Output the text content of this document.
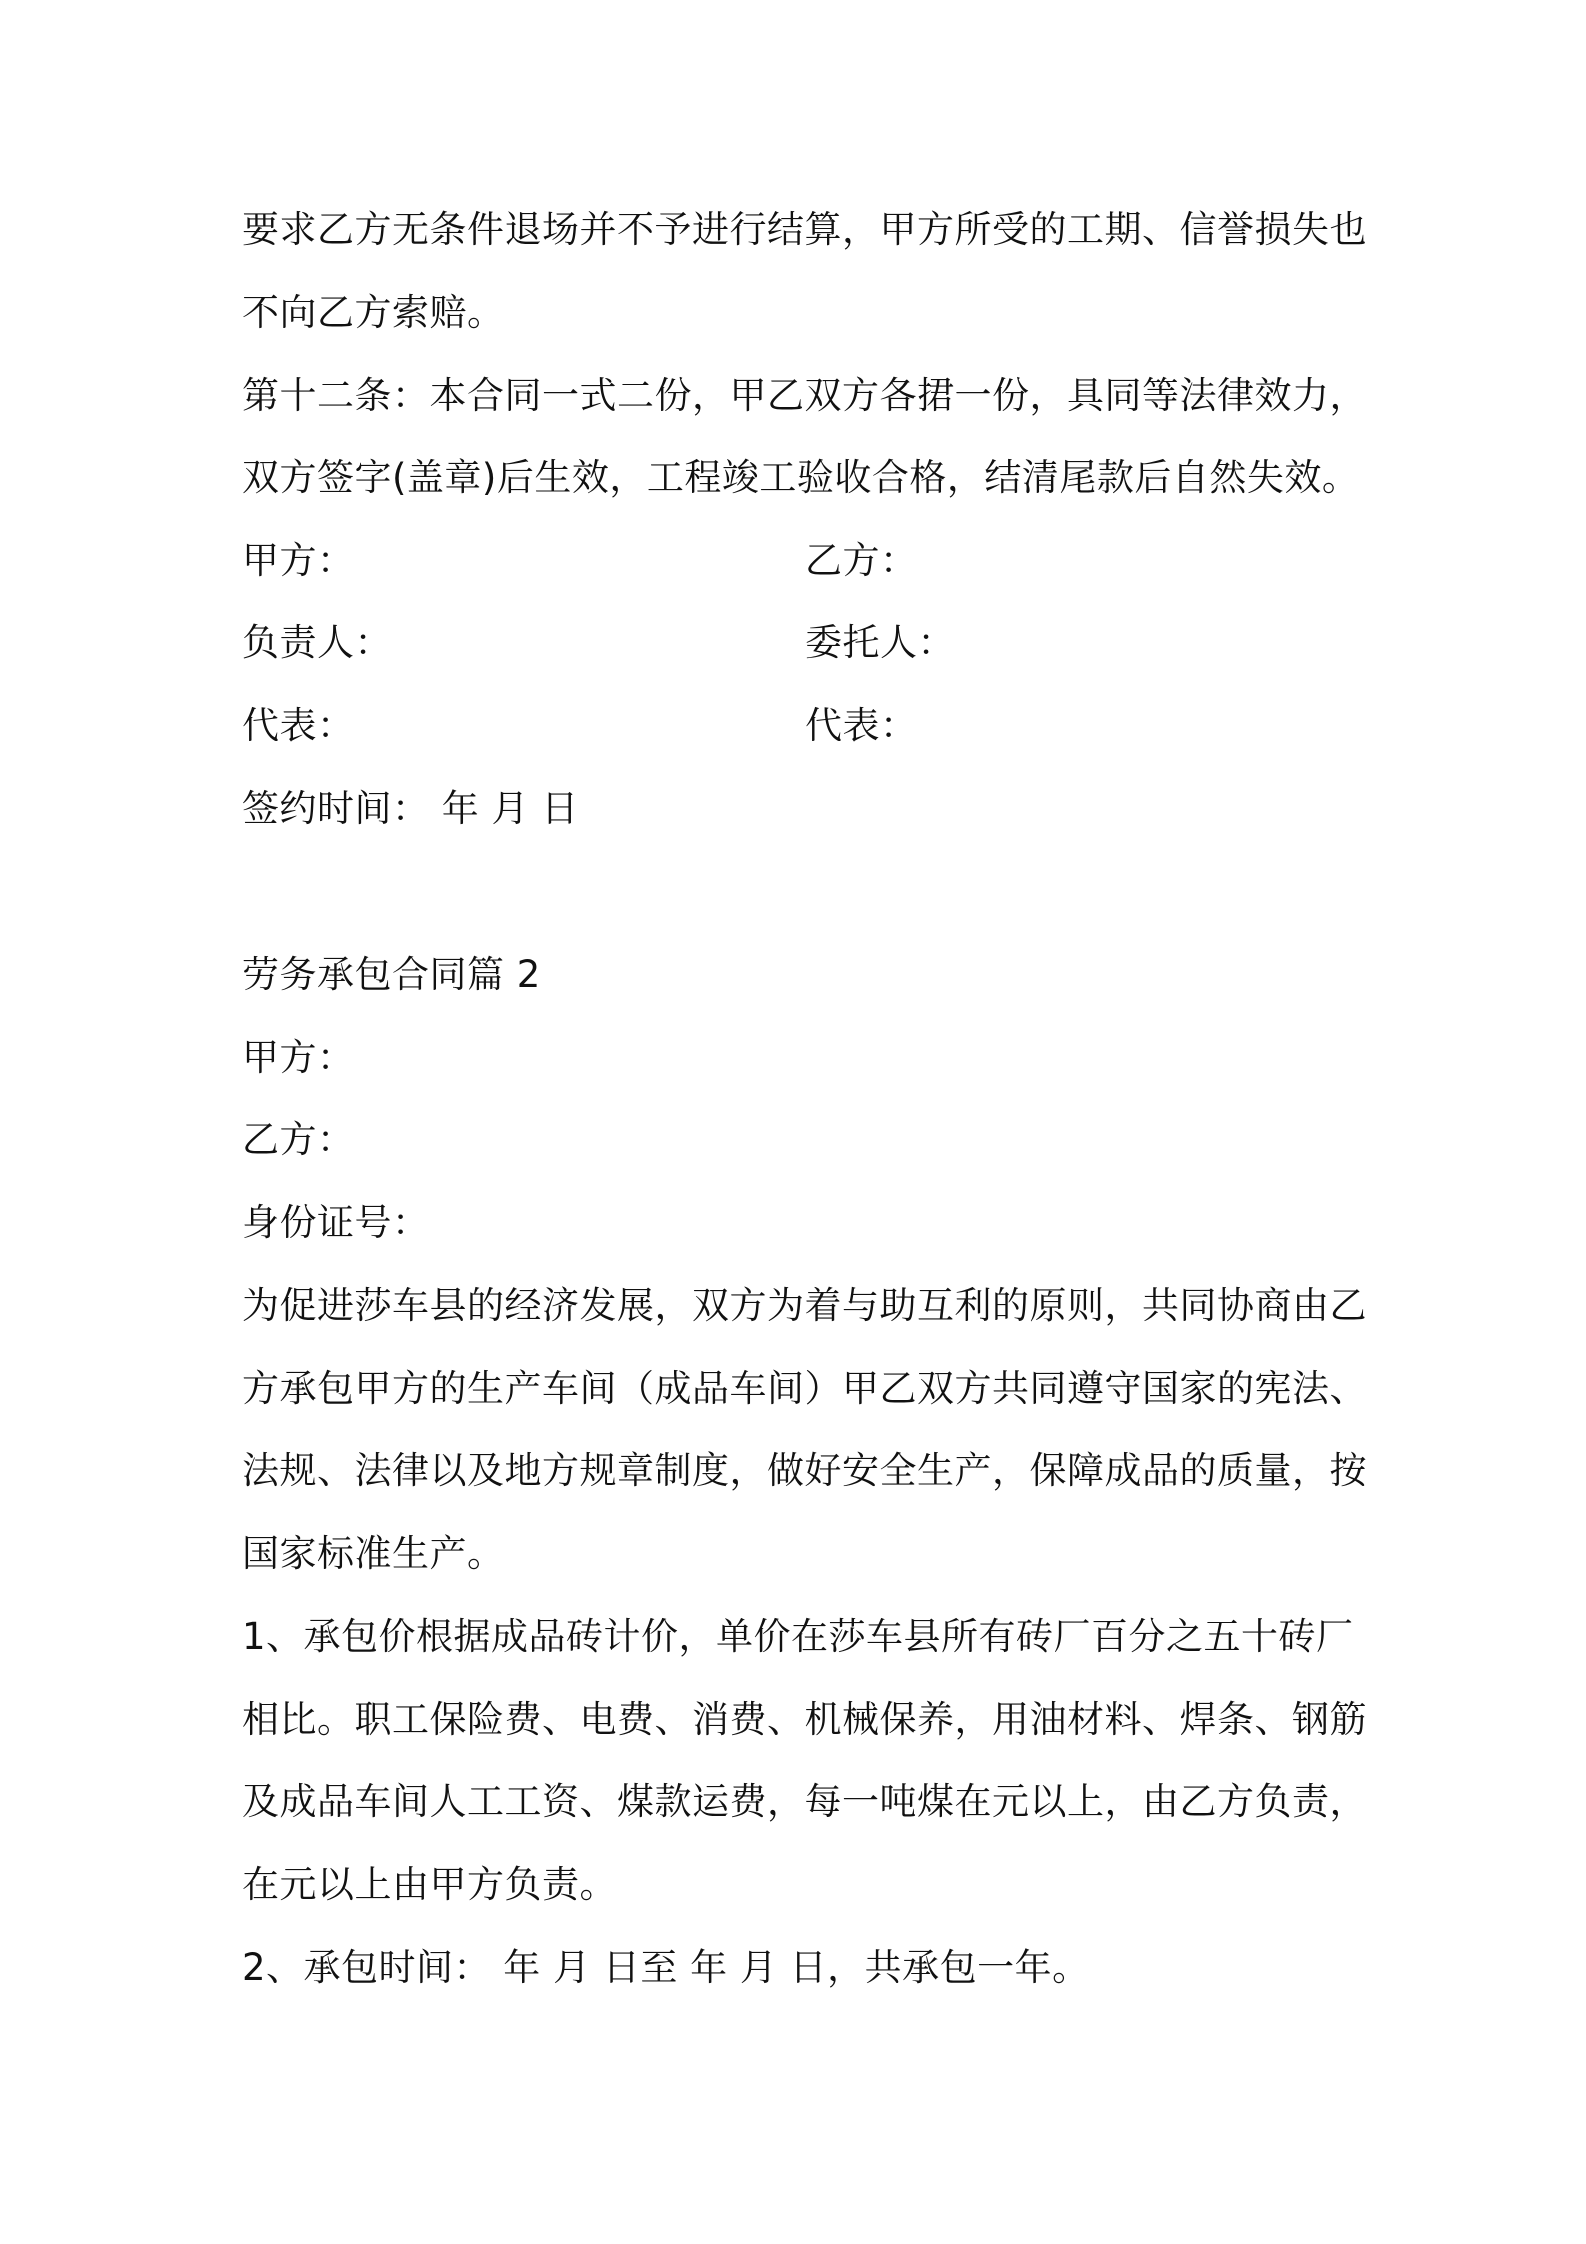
要求乙方无条件退场并不予进行结算，甲方所受的工期、信誉损失也
不向乙方索赔。
第十二条：本合同一式二份，甲乙双方各捃一份，具同等法律效力，
双方签字(盖章)后生效，工程竣工验收合格，结清尾款后自然失效。
甲方：	乙方：
负责人：	委托人：
代表：	代表：
签约时间： 年 月 日
劳务承包合同篇 2
甲方：
乙方：
身份证号：
为促进莎车县的经济发展，双方为着与助互利的原则，共同协商由乙
方承包甲方的生产车间（成品车间）甲乙双方共同遵守国家的宪法、
法规、法律以及地方规章制度，做好安全生产，保障成品的质量，按
国家标准生产。
1、承包价根据成品砖计价，单价在莎车县所有砖厂百分之五十砖厂
相比。职工保险费、电费、消费、机械保养，用油材料、焊条、钢筋
及成品车间人工工资、煤款运费，每一吨煤在元以上，由乙方负责，
在元以上由甲方负责。
2、承包时间： 年 月 日至 年 月 日，共承包一年。
